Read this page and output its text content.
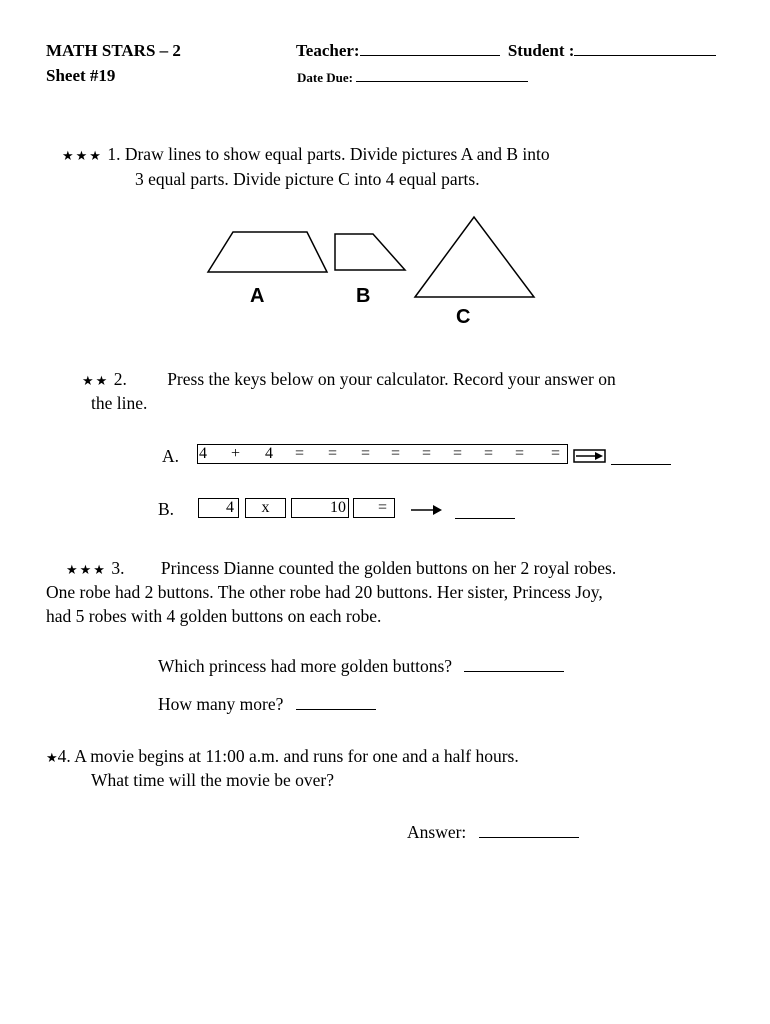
MATH STARS – 2
Sheet #19
Teacher:	Student :
Date Due:
★★★ 1. Draw lines to show equal parts. Divide pictures A and B into
3 equal parts. Divide picture C into 4 equal parts.
A	B
C
★★ 2. Press the keys below on your calculator. Record your answer on
the line.
A. 4 + 4 = = = = = = = = =
B.	4	x	10	=
★★★ 3. Princess Dianne counted the golden buttons on her 2 royal robes.
One robe had 2 buttons. The other robe had 20 buttons. Her sister, Princess Joy,
had 5 robes with 4 golden buttons on each robe.
Which princess had more golden buttons?
How many more?
★4. A movie begins at 11:00 a.m. and runs for one and a half hours.
What time will the movie be over?
Answer:
